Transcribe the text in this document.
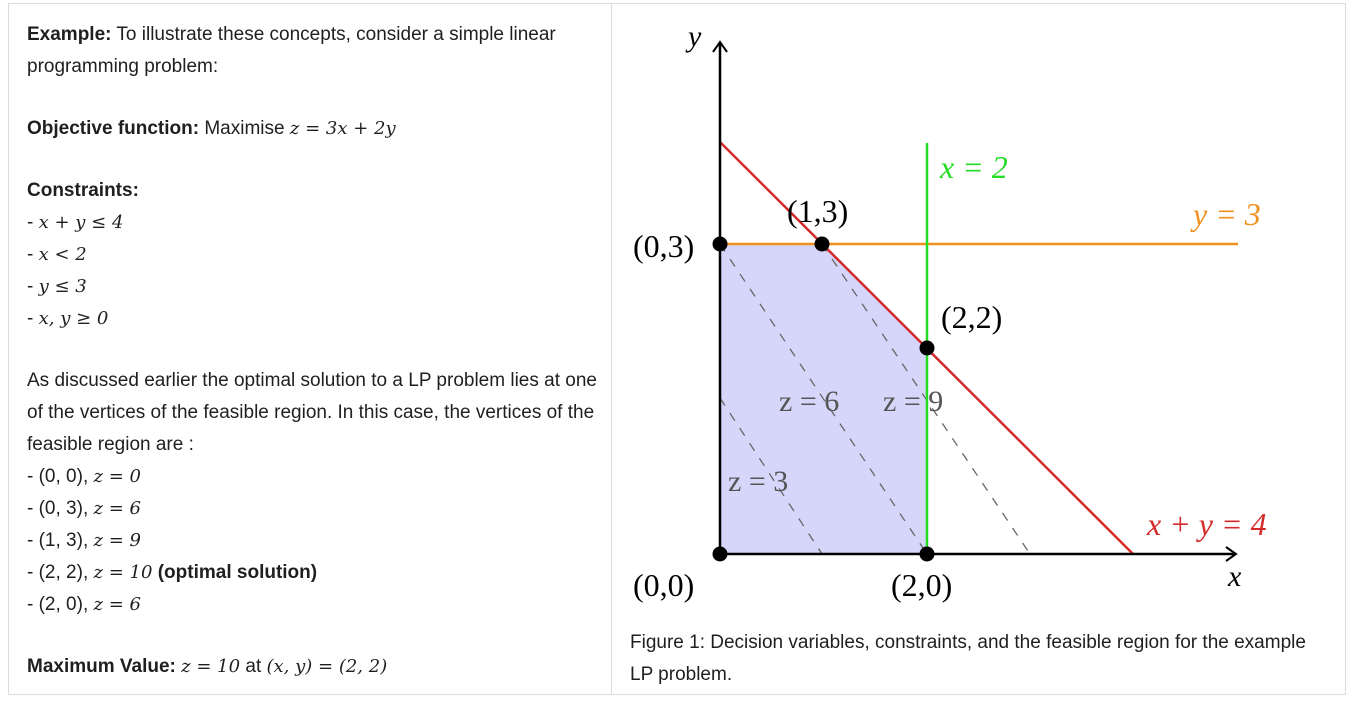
Example: To illustrate these concepts, consider a simple linear programming problem:

Objective function: Maximise z = 3x + 2y

Constraints:

- x + y ≤ 4

- x < 2

- y ≤ 3

- x, y ≥ 0

As discussed earlier the optimal solution to a LP problem lies at one of the vertices of the feasible region. In this case, the vertices of the feasible region are :

- (0, 0), z = 0

- (0, 3), z = 6

- (1, 3), z = 9

- (2, 2), z = 10 (optimal solution)

- (2, 0), z = 6

Maximum Value: z = 10 at (x, y) = (2, 2)

y
x
x = 2
y = 3
x + y = 4
(1,3)
(0,3)
(2,2)
(0,0)	(2,0)
z = 6 z = 9
z = 3
Figure 1: Decision variables, constraints, and the feasible region for the example LP problem.
